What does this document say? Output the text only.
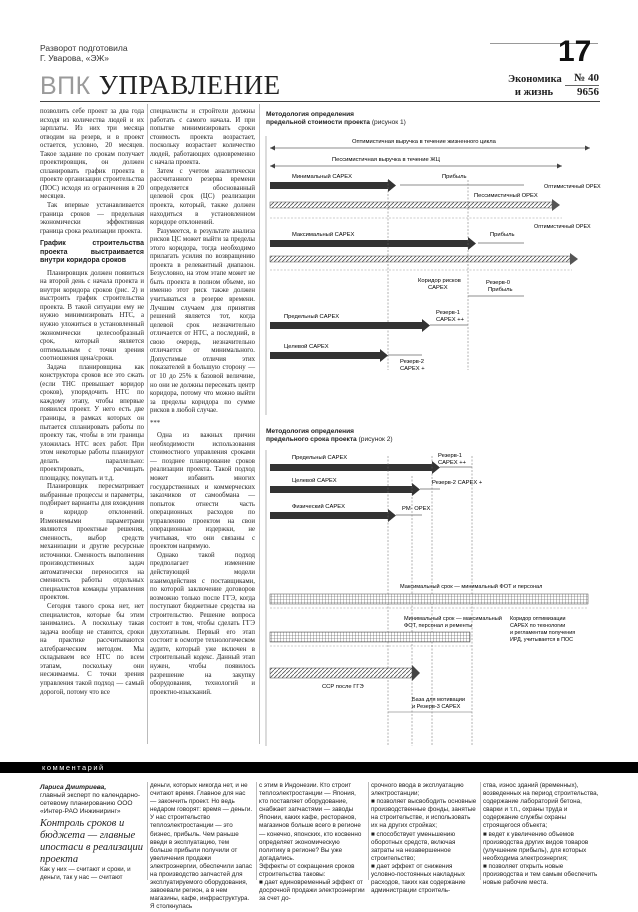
Разворот подготовила
Г. Уварова, «ЭЖ»	17
ВПК УПРАВЛЕНИЕ	Экономика
и жизнь
№ 40
9656

позволить себе проект за два года исходя из количества людей и их зарплаты. Из них три месяца отводим на резерв, и в проект остается, условно, 20 месяцев. Такое задание по срокам получает проектировщик, он должен спланировать график проекта в проекте организации строительства (ПОС) исходя из ограничения в 20 месяцев.

Так впервые устанавливается граница сроков — предельная экономически эффективная граница срока реализации проекта.

График строительства проекта выстраивается внутри коридора сроков

Планировщик должен появиться на второй день с начала проекта и внутри коридора сроков (рис. 2) и выстроить график строительства проекта. В такой ситуации ему не нужно минимизировать НТС, а нужно уложиться в установленный экономически целесообразный срок, который является оптимальным с точки зрения соотношения цена/сроки.

Задача планировщика как конструктора сроков все это сжать (если ТНС превышает коридор сроков), упорядочить НТС по каждому этапу, чтобы впервые появился проект. У него есть две границы, в рамках которых он пытается спланировать работы по проекту так, чтобы в эти границы уложилась НТС всех работ. При этом некоторые работы планируют делать параллельно: проектировать, расчищать площадку, покупать и т.д.

Планировщик пересматривает выбранные процессы и параметры, подбирает варианты для вхождения в коридор отклонений. Изменяемыми параметрами являются проектные решения, сменность, выбор средств механизации и другие ресурсные источники. Сменность выполнения производственных задач автоматически переносится на сменность работы отдельных специалистов команды управления проектом.

Сегодня такого срока нет, нет специалистов, которые бы этим занимались. А поскольку такая задача вообще не ставится, сроки на практике рассчитываются алгебраическим методом. Мы складываем все НТС по всем этапам, поскольку они несжимаемы. С точки зрения управления такой подход — самый дорогой, потому что все

специалисты и стройтели должны работать с самого начала. И при попытке минимизировать сроки стоимость проекта возрастает, поскольку возрастает количество людей, работающих одновременно с начала проекта.

Затем с учетом аналитически рассчитанного резерва времени определяется обоснованный целевой срок (ЦС) реализации проекта, который, также должен находиться в установленном коридоре отклонений.

Разумеется, в результате анализа рисков ЦС может выйти за пределы этого коридора, тогда необходимо прилагать усилия по возвращению проекта в релевантный диапазон. Безусловно, на этом этапе может не быть проекта в полном объеме, но именно этот риск также должен учитываться в резерве времени. Лучшим случаем для принятия решений является тот, когда целевой срок незначительно отличается от НТС, а последний, в свою очередь, незначительно отличается от минимального. Допустимые отличия этих показателей в большую сторону — от 10 до 25% к базовой величине, но они не должны пересекать центр коридора, потому что можно выйти за пределы коридора по сумме рисков в любой случае.

***

Одна из важных причин необходимости использования стоимостного управления сроками — позднее планирование сроков реализации проекта. Такой подход может избавить многих государственных и коммерческих заказчиков от самообмана — попыток отнести часть операционных расходов по управлению проектом на свои операционные издержки, не учитывая, что они связаны с проектом напрямую.

Однако такой подход предполагает изменение действующей модели взаимодействия с поставщиками, по которой заключение договоров возможно только после ГГЭ, когда поступают бюджетные средства на строительство. Решение вопроса состоит в том, чтобы сделать ГГЭ двухэтапным. Первый его этап состоит в осмотре технологическом аудите, который уже включен в строительный кодекс. Данный этап нужен, чтобы появилось разрешение на закупку оборудования, технологий и проектно-изысканий.

Методология определения
предельной стоимости проекта (рисунок 1)
Оптимистичная выручка в течение жизненного цикла
Пессимистичная выручка в течение ЖЦ
Минимальный CAPEX	Прибыль
Пессимистичный OPEX
Оптимистичный OPEX
Максимальный CAPEX	Прибыль
Оптимистичный OPEX
Коридор рисков
CAPEX
Резерв-0
Прибыль
Предельный CAPEX
Резерв-1
CAPEX ++
Целевой CAPEX
Резерв-2
CAPEX +
Методология определения
предельного срока проекта (рисунок 2)
Предельный CAPEX	Резерв-1
CAPEX ++
Целевой CAPEX	Резерв-2 CAPEX +
Физический CAPEX	PM- OPEX
Максимальный срок — минимальный ФОТ и персонал
Минимальный срок — максимальный
ФОТ, персонал и ременты
Коридор оптимизации
CAPEX по технологии
и регламентам получения
ИРД, учитывается в ПОС
CCP после ГГЭ
База для мотивации
и Резерв-3 CAPEX
комментарий
Лариса Дмитриева,
главный эксперт по календарно-сетевому планированию ООО «Интер-РАО Инжиниринг»
Контроль сроков и бюджета — главные ипостаси в реализации проекта
Как у них — считают и сроки, и деньги, так у нас — считают
деньги, которых никогда нет, и не считают время. Главное для нас — закончить проект. Но ведь недаром говорят: время — деньги. У нас строительство теплоэлектростанции — это бизнес, прибыль. Чем раньше введи в эксплуатацию, тем больше прибыли получили от увеличения продажи электроэнергии, обеспечили запас на производство запчастей для эксплуатируемого оборудования, завоевали регион, а в нем магазины, кафе, инфраструктура. Я столкнулась
с этим в Индонезии. Кто строит теплоэлектростанции — Япония, кто поставляет оборудование, снабжает запчастями — заводы Японии, каких кафе, ресторанов, магазинов больше всего в регионе — конечно, японских, кто косвенно определяет экономическую политику в регионе? Вы уже догадались.
Эффекты от сокращения сроков строительства таковы:
■ дает единовременный эффект от досрочной продажи электроэнергии за счет до-
срочного ввода в эксплуатацию электростанции;
■ позволяет высвободить основные производственные фонды, занятые на строительстве, и использовать их на других стройках;
■ способствует уменьшению оборотных средств, включая затраты на незавершенное строительство;
■ дает эффект от снижения условно-постоянных накладных расходов, таких как содержание администрации строитель-
ства, износ зданий (временных), возведенных на период строительства, содержание лабораторий бетона, сварки и т.п., охраны труда и содержание службы охраны строящегося объекта;
■ ведет к увеличению объемов производства других видов товаров (улучшение прибыль), для которых необходима электроэнергия;
■ позволяет открыть новые производства и тем самым обеспечить новые рабочие места.
